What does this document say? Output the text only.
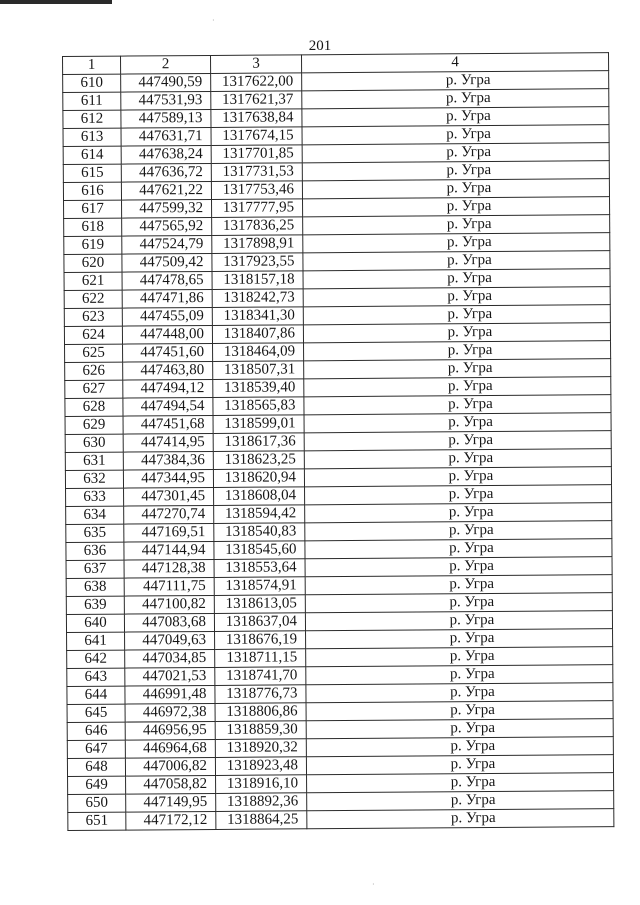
201
1	2	3	4
610	447490,59	1317622,00	р. Угра
611	447531,93	1317621,37	р. Угра
612	447589,13	1317638,84	р. Угра
613	447631,71	1317674,15	р. Угра
614	447638,24	1317701,85	р. Угра
615	447636,72	1317731,53	р. Угра
616	447621,22	1317753,46	р. Угра
617	447599,32	1317777,95	р. Угра
618	447565,92	1317836,25	р. Угра
619	447524,79	1317898,91	р. Угра
620	447509,42	1317923,55	р. Угра
621	447478,65	1318157,18	р. Угра
622	447471,86	1318242,73	р. Угра
623	447455,09	1318341,30	р. Угра
624	447448,00	1318407,86	р. Угра
625	447451,60	1318464,09	р. Угра
626	447463,80	1318507,31	р. Угра
627	447494,12	1318539,40	р. Угра
628	447494,54	1318565,83	р. Угра
629	447451,68	1318599,01	р. Угра
630	447414,95	1318617,36	р. Угра
631	447384,36	1318623,25	р. Угра
632	447344,95	1318620,94	р. Угра
633	447301,45	1318608,04	р. Угра
634	447270,74	1318594,42	р. Угра
635	447169,51	1318540,83	р. Угра
636	447144,94	1318545,60	р. Угра
637	447128,38	1318553,64	р. Угра
638	447111,75	1318574,91	р. Угра
639	447100,82	1318613,05	р. Угра
640	447083,68	1318637,04	р. Угра
641	447049,63	1318676,19	р. Угра
642	447034,85	1318711,15	р. Угра
643	447021,53	1318741,70	р. Угра
644	446991,48	1318776,73	р. Угра
645	446972,38	1318806,86	р. Угра
646	446956,95	1318859,30	р. Угра
647	446964,68	1318920,32	р. Угра
648	447006,82	1318923,48	р. Угра
649	447058,82	1318916,10	р. Угра
650	447149,95	1318892,36	р. Угра
651	447172,12	1318864,25	р. Угра
·
·
